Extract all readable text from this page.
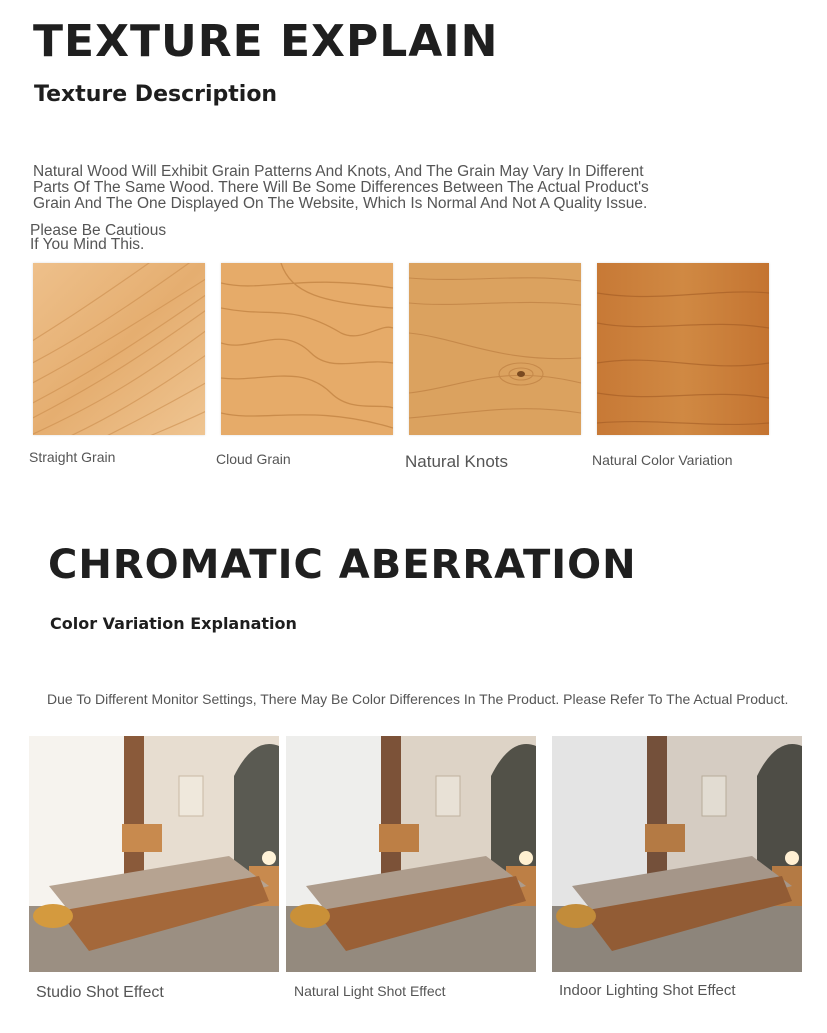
TEXTURE EXPLAIN
Texture Description
Natural Wood Will Exhibit Grain Patterns And Knots, And The Grain May Vary In Different
Parts Of The Same Wood. There Will Be Some Differences Between The Actual Product's
Grain And The One Displayed On The Website, Which Is Normal And Not A Quality Issue.
Please Be Cautious
If You Mind This.
Straight Grain	Cloud Grain	Natural Knots	Natural Color Variation
CHROMATIC ABERRATION
Color Variation Explanation
Due To Different Monitor Settings, There May Be Color Differences In The Product. Please Refer To The Actual Product.
Studio Shot Effect	Natural Light Shot Effect	Indoor Lighting Shot Effect
